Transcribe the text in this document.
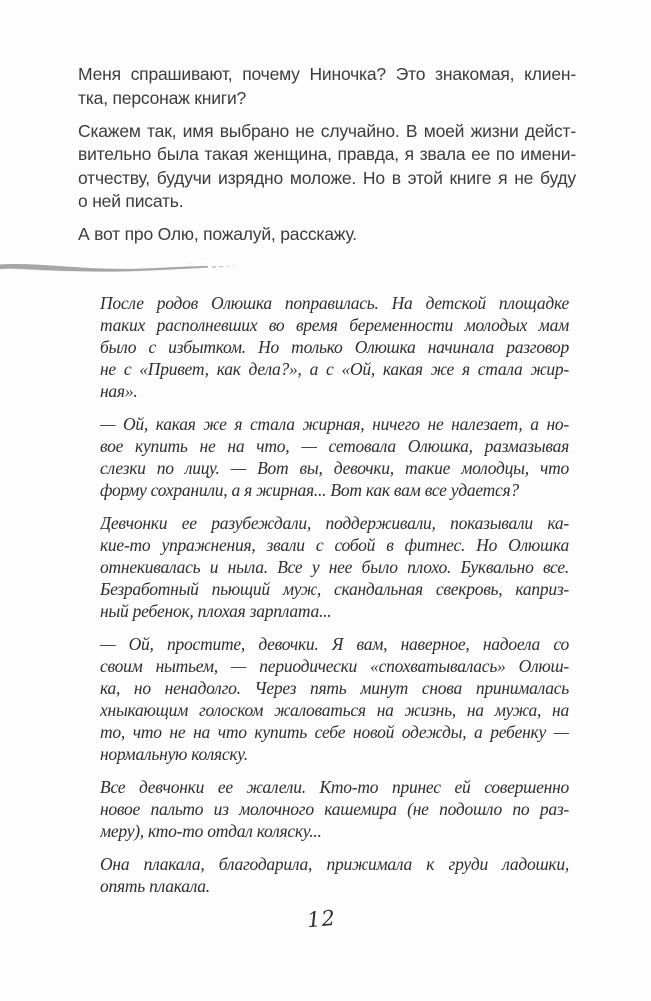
Меня спрашивают, почему Ниночка? Это знакомая, клиен-
тка, персонаж книги?
Скажем так, имя выбрано не случайно. В моей жизни дейст-
вительно была такая женщина, правда, я звала ее по имени-
отчеству, будучи изрядно моложе. Но в этой книге я не буду
о ней писать.
А вот про Олю, пожалуй, расскажу.
После родов Олюшка поправилась. На детской площадке
таких располневших во время беременности молодых мам
было с избытком. Но только Олюшка начинала разговор
не с «Привет, как дела?», а с «Ой, какая же я стала жир-
ная».
— Ой, какая же я стала жирная, ничего не налезает, а но-
вое купить не на что, — сетовала Олюшка, размазывая
слезки по лицу. — Вот вы, девочки, такие молодцы, что
форму сохранили, а я жирная... Вот как вам все удается?
Девчонки ее разубеждали, поддерживали, показывали ка-
кие-то упражнения, звали с собой в фитнес. Но Олюшка
отнекивалась и ныла. Все у нее было плохо. Буквально все.
Безработный пьющий муж, скандальная свекровь, каприз-
ный ребенок, плохая зарплата...
— Ой, простите, девочки. Я вам, наверное, надоела со
своим нытьем, — периодически «спохватывалась» Олюш-
ка, но ненадолго. Через пять минут снова принималась
хныкающим голоском жаловаться на жизнь, на мужа, на
то, что не на что купить себе новой одежды, а ребенку —
нормальную коляску.
Все девчонки ее жалели. Кто-то принес ей совершенно
новое пальто из молочного кашемира (не подошло по раз-
меру), кто-то отдал коляску...
Она плакала, благодарила, прижимала к груди ладошки,
опять плакала.
12
